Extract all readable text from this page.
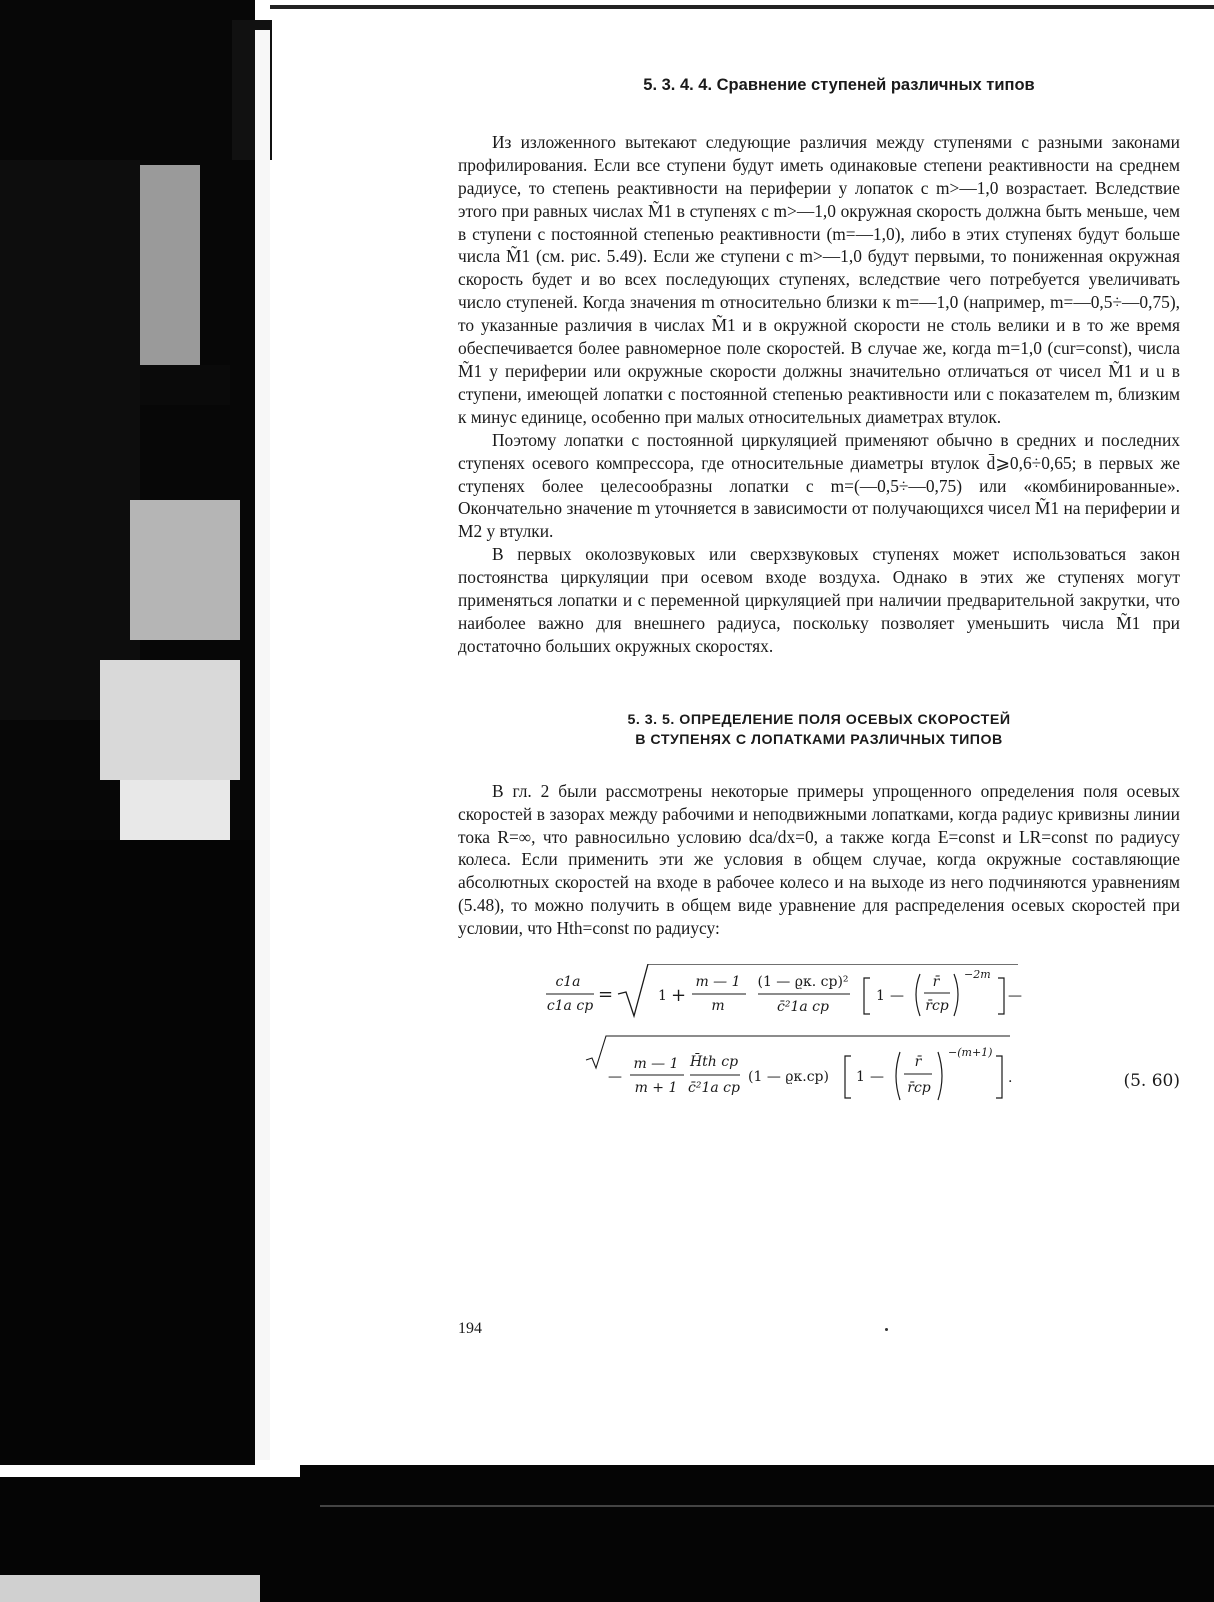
5. 3. 4. 4. Сравнение ступеней различных типов

Из изложенного вытекают следующие различия между ступенями с разными законами профилирования. Если все ступени будут иметь одинаковые степени реактивности на среднем радиусе, то степень реактивности на периферии у лопаток с m>—1,0 возрастает. Вследствие этого при равных числах M̃1 в ступенях с m>—1,0 окружная скорость должна быть меньше, чем в ступени с постоянной степенью реактивности (m=—1,0), либо в этих ступенях будут больше числа M̃1 (см. рис. 5.49). Если же ступени с m>—1,0 будут первыми, то пониженная окружная скорость будет и во всех последующих ступенях, вследствие чего потребуется увеличивать число ступеней. Когда значения m относительно близки к m=—1,0 (например, m=—0,5÷—0,75), то указанные различия в числах M̃1 и в окружной скорости не столь велики и в то же время обеспечивается более равномерное поле скоростей. В случае же, когда m=1,0 (cur=const), числа M̃1 у периферии или окружные скорости должны значительно отличаться от чисел M̃1 и u в ступени, имеющей лопатки с постоянной степенью реактивности или с показателем m, близким к минус единице, особенно при малых относительных диаметрах втулок.

Поэтому лопатки с постоянной циркуляцией применяют обычно в средних и последних ступенях осевого компрессора, где относительные диаметры втулок d̄⩾0,6÷0,65; в первых же ступенях более целесообразны лопатки с m=(—0,5÷—0,75) или «комбинированные». Окончательно значение m уточняется в зависимости от получающихся чисел M̃1 на периферии и M2 у втулки.

В первых околозвуковых или сверхзвуковых ступенях может использоваться закон постоянства циркуляции при осевом входе воздуха. Однако в этих же ступенях могут применяться лопатки и с переменной циркуляцией при наличии предварительной закрутки, что наиболее важно для внешнего радиуса, поскольку позволяет уменьшить числа M̃1 при достаточно больших окружных скоростях.

5. 3. 5. ОПРЕДЕЛЕНИЕ ПОЛЯ ОСЕВЫХ СКОРОСТЕЙ
В СТУПЕНЯХ С ЛОПАТКАМИ РАЗЛИЧНЫХ ТИПОВ

В гл. 2 были рассмотрены некоторые примеры упрощенного определения поля осевых скоростей в зазорах между рабочими и неподвижными лопатками, когда радиус кривизны линии тока R=∞, что равносильно условию dca/dx=0, а также когда E=const и LR=const по радиусу колеса. Если применить эти же условия в общем случае, когда окружные составляющие абсолютных скоростей на входе в рабочее колесо и на выходе из него подчиняются уравнениям (5.48), то можно получить в общем виде уравнение для распределения осевых скоростей при условии, что Hth=const по радиусу:

c1a
c1a ср
=	1 +
m — 1
m
(1 — ϱк. ср)²
c̄²1a ср
1 —
r̄
r̄ср
−2m
—
—
m — 1
m + 1
H̄th ср
c̄²1a ср
(1 — ϱк.ср) 1 —
r̄
r̄ср
−(m+1)
.	(5. 60)
194
